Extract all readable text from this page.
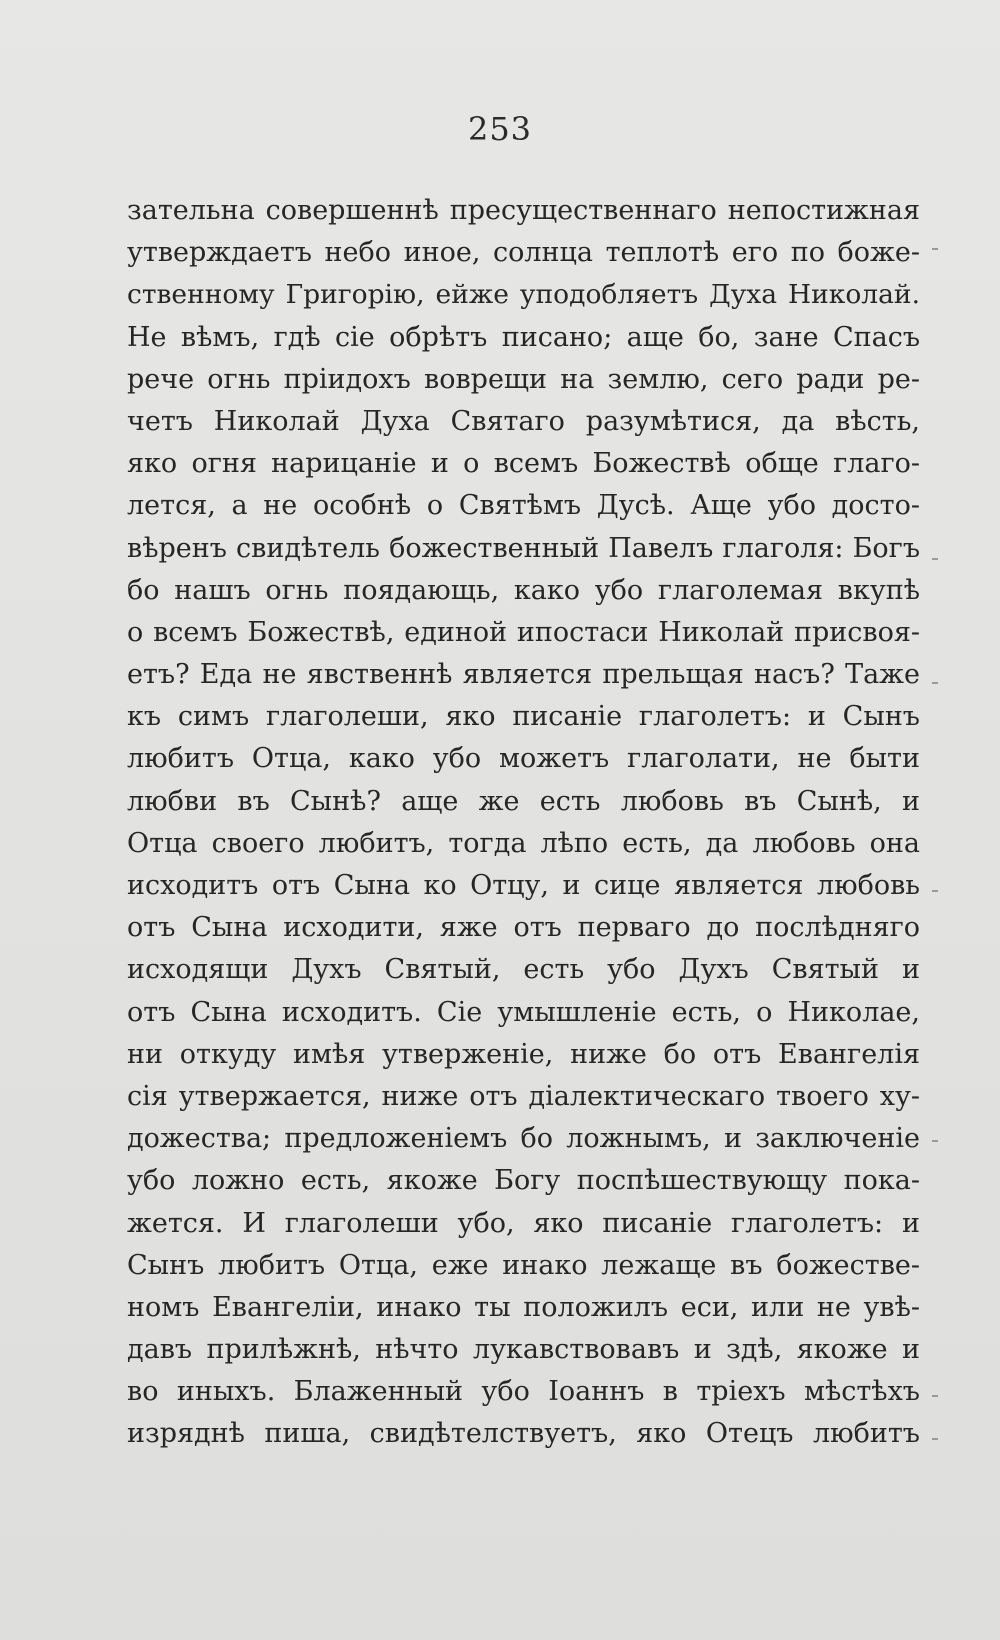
253
зательна совершеннѣ пресущественнаго непостижная
утверждаетъ небо иное, солнца теплотѣ его по боже-
ственному Григорію, ейже уподобляетъ Духа Николай.
Не вѣмъ, гдѣ сіе обрѣтъ писано; аще бо, зане Спасъ
рече огнь пріидохъ воврещи на землю, сего ради ре-
четъ Николай Духа Святаго разумѣтися, да вѣсть,
яко огня нарицаніе и о всемъ Божествѣ обще глаго-
лется, а не особнѣ о Святѣмъ Дусѣ. Аще убо досто-
вѣренъ свидѣтель божественный Павелъ глаголя: Богъ
бо нашъ огнь поядающь, како убо глаголемая вкупѣ
о всемъ Божествѣ, единой ипостаси Николай присвоя-
етъ? Еда не явственнѣ является прельщая насъ? Таже
къ симъ глаголеши, яко писаніе глаголетъ: и Сынъ
любитъ Отца, како убо можетъ глаголати, не быти
любви въ Сынѣ? аще же есть любовь въ Сынѣ, и
Отца своего любитъ, тогда лѣпо есть, да любовь она
исходитъ отъ Сына ко Отцу, и сице является любовь
отъ Сына исходити, яже отъ перваго до послѣдняго
исходящи Духъ Святый, есть убо Духъ Святый и
отъ Сына исходитъ. Сіе умышленіе есть, о Николае,
ни откуду имѣя утверженіе, ниже бо отъ Евангелія
сія утвержается, ниже отъ діалектическаго твоего ху-
дожества; предложеніемъ бо ложнымъ, и заключеніе
убо ложно есть, якоже Богу поспѣшествующу пока-
жется. И глаголеши убо, яко писаніе глаголетъ: и
Сынъ любитъ Отца, еже инако лежаще въ божестве-
номъ Евангеліи, инако ты положилъ еси, или не увѣ-
давъ прилѣжнѣ, нѣчто лукавствовавъ и здѣ, якоже и
во иныхъ. Блаженный убо Іоаннъ в тріехъ мѣстѣхъ
изряднѣ пиша, свидѣтелствуетъ, яко Отецъ любитъ
